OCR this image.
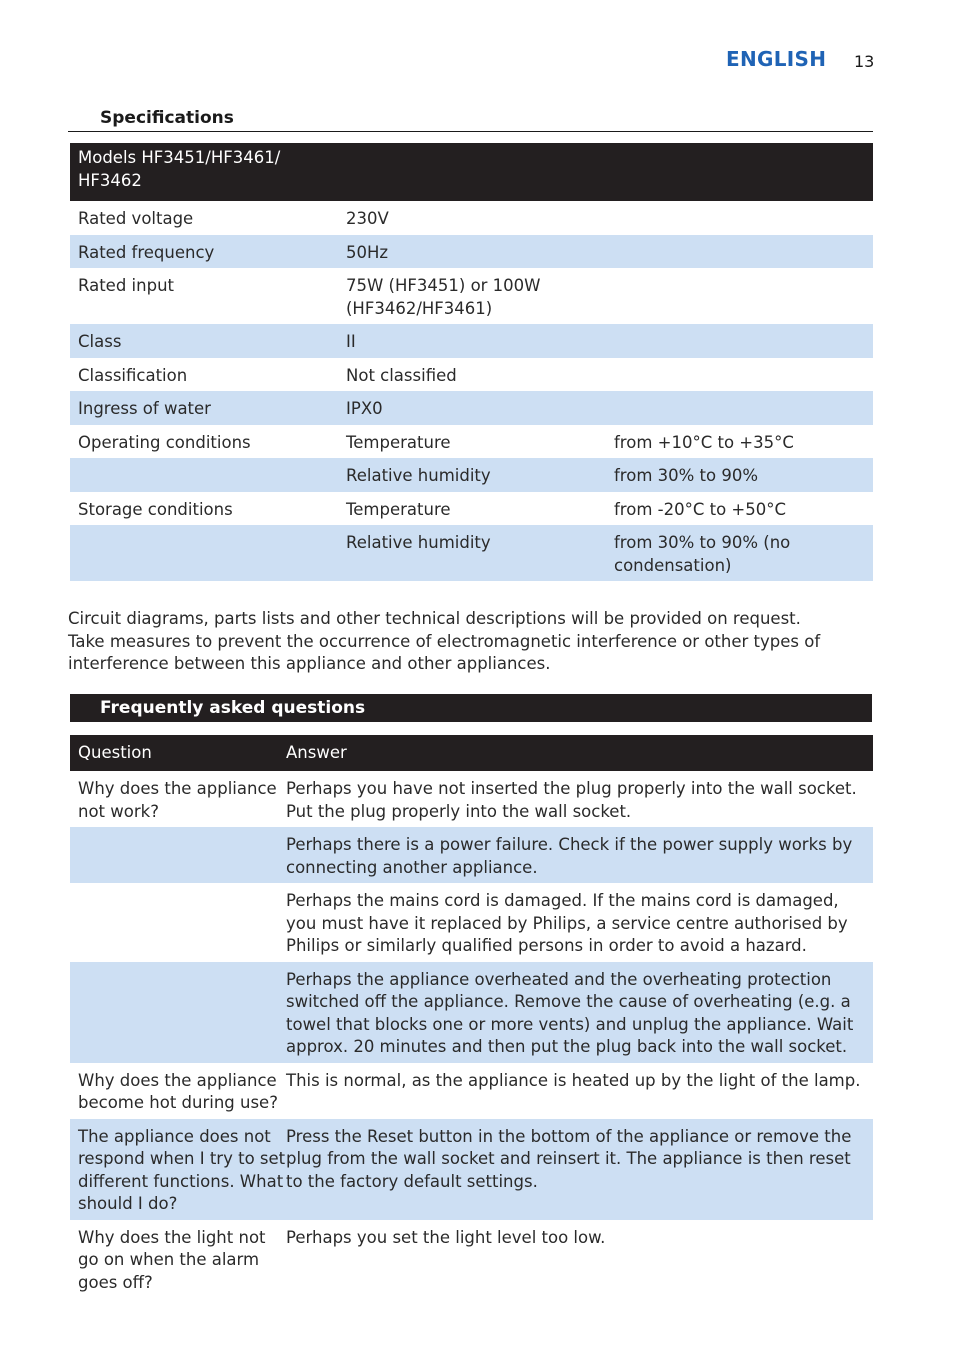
ENGLISH 13
Specifications
Models HF3451/HF3461/ HF3462		

Rated voltage	230V	
Rated frequency	50Hz	
Rated input	75W (HF3451) or 100W (HF3462/HF3461)	
Class	II	
Classification	Not classified	
Ingress of water	IPX0	
Operating conditions	Temperature	from +10°C to +35°C
	Relative humidity	from 30% to 90%
Storage conditions	Temperature	from -20°C to +50°C
	Relative humidity	from 30% to 90% (no condensation)

Circuit diagrams, parts lists and other technical descriptions will be provided on request.

Take measures to prevent the occurrence of electromagnetic interference or other types of interference between this appliance and other appliances.

Frequently asked questions
Question	Answer
Why does the appliance not work?	Perhaps you have not inserted the plug properly into the wall socket. Put the plug properly into the wall socket.
	Perhaps there is a power failure. Check if the power supply works by connecting another appliance.
	Perhaps the mains cord is damaged. If the mains cord is damaged, you must have it replaced by Philips, a service centre authorised by Philips or similarly qualified persons in order to avoid a hazard.
	Perhaps the appliance overheated and the overheating protection switched off the appliance. Remove the cause of overheating (e.g. a towel that blocks one or more vents) and unplug the appliance. Wait approx. 20 minutes and then put the plug back into the wall socket.
Why does the appliance become hot during use?	This is normal, as the appliance is heated up by the light of the lamp.
The appliance does not respond when I try to set different functions. What should I do?	Press the Reset button in the bottom of the appliance or remove the plug from the wall socket and reinsert it. The appliance is then reset to the factory default settings.
Why does the light not go on when the alarm goes off?	Perhaps you set the light level too low.
